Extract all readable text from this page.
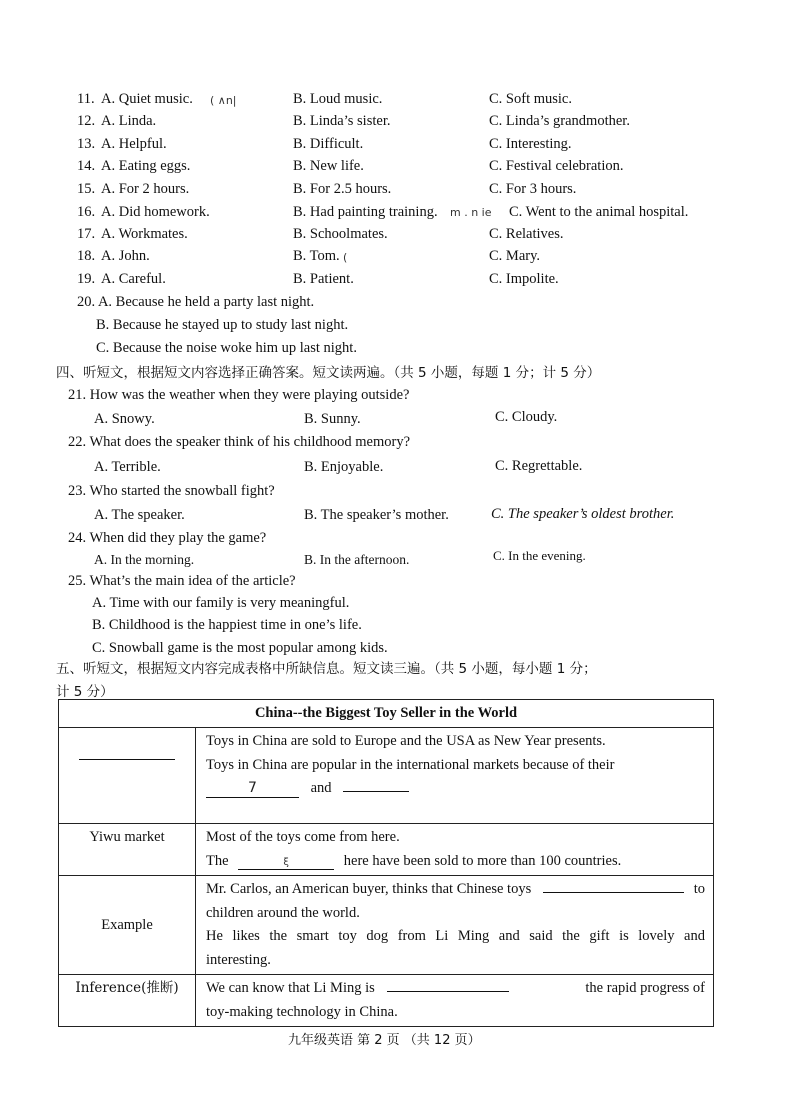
11. A. Quiet music.	B. Loud music.	C. Soft music.
12. A. Linda.	B. Linda’s sister.	C. Linda’s grandmother.
13. A. Helpful.	B. Difficult.	C. Interesting.
14. A. Eating eggs.	B. New life.	C. Festival celebration.
15. A. For 2 hours.	B. For 2.5 hours.	C. For 3 hours.
16. A. Did homework.	B. Had painting training.	C. Went to the animal hospital.
17. A. Workmates.	B. Schoolmates.	C. Relatives.
18. A. John.	B. Tom.	C. Mary.
19. A. Careful.	B. Patient.	C. Impolite.
( ∧n|
m . n ie
(
20. A. Because he held a party last night.
B. Because he stayed up to study last night.
C. Because the noise woke him up last night.
四、听短文，根据短文内容选择正确答案。短文读两遍。（共 5 小题，每题 1 分；计 5 分）
21. How was the weather when they were playing outside?
A. Snowy.	B. Sunny.	C. Cloudy.
22. What does the speaker think of his childhood memory?
A. Terrible.	B. Enjoyable.	C. Regrettable.
23. Who started the snowball fight?
A. The speaker.	B. The speaker’s mother.	C. The speaker’s oldest brother.
24. When did they play the game?
A. In the morning.	B. In the afternoon.	C. In the evening.
25. What’s the main idea of the article?
A. Time with our family is very meaningful.
B. Childhood is the happiest time in one’s life.
C. Snowball game is the most popular among kids.
五、听短文，根据短文内容完成表格中所缺信息。短文读三遍。（共 5 小题，每小题 1 分；
计 5 分）
China--the Biggest Toy Seller in the World	

	Toys in China are sold to Europe and the USA as New Year presents.
Toys in China are popular in the international markets because of their
7 and

Yiwu market	Most of the toys come from here.
The ξ here have been sold to more than 100 countries.

Example	Mr. Carlos, an American buyer, thinks that Chinese toys to
children around the world.
He likes the smart toy dog from Li Ming and said the gift is lovely and
interesting.

Inference(推断)	We can know that Li Ming is the rapid progress of
toy-making technology in China.
九年级英语 第 2 页 （共 12 页）
